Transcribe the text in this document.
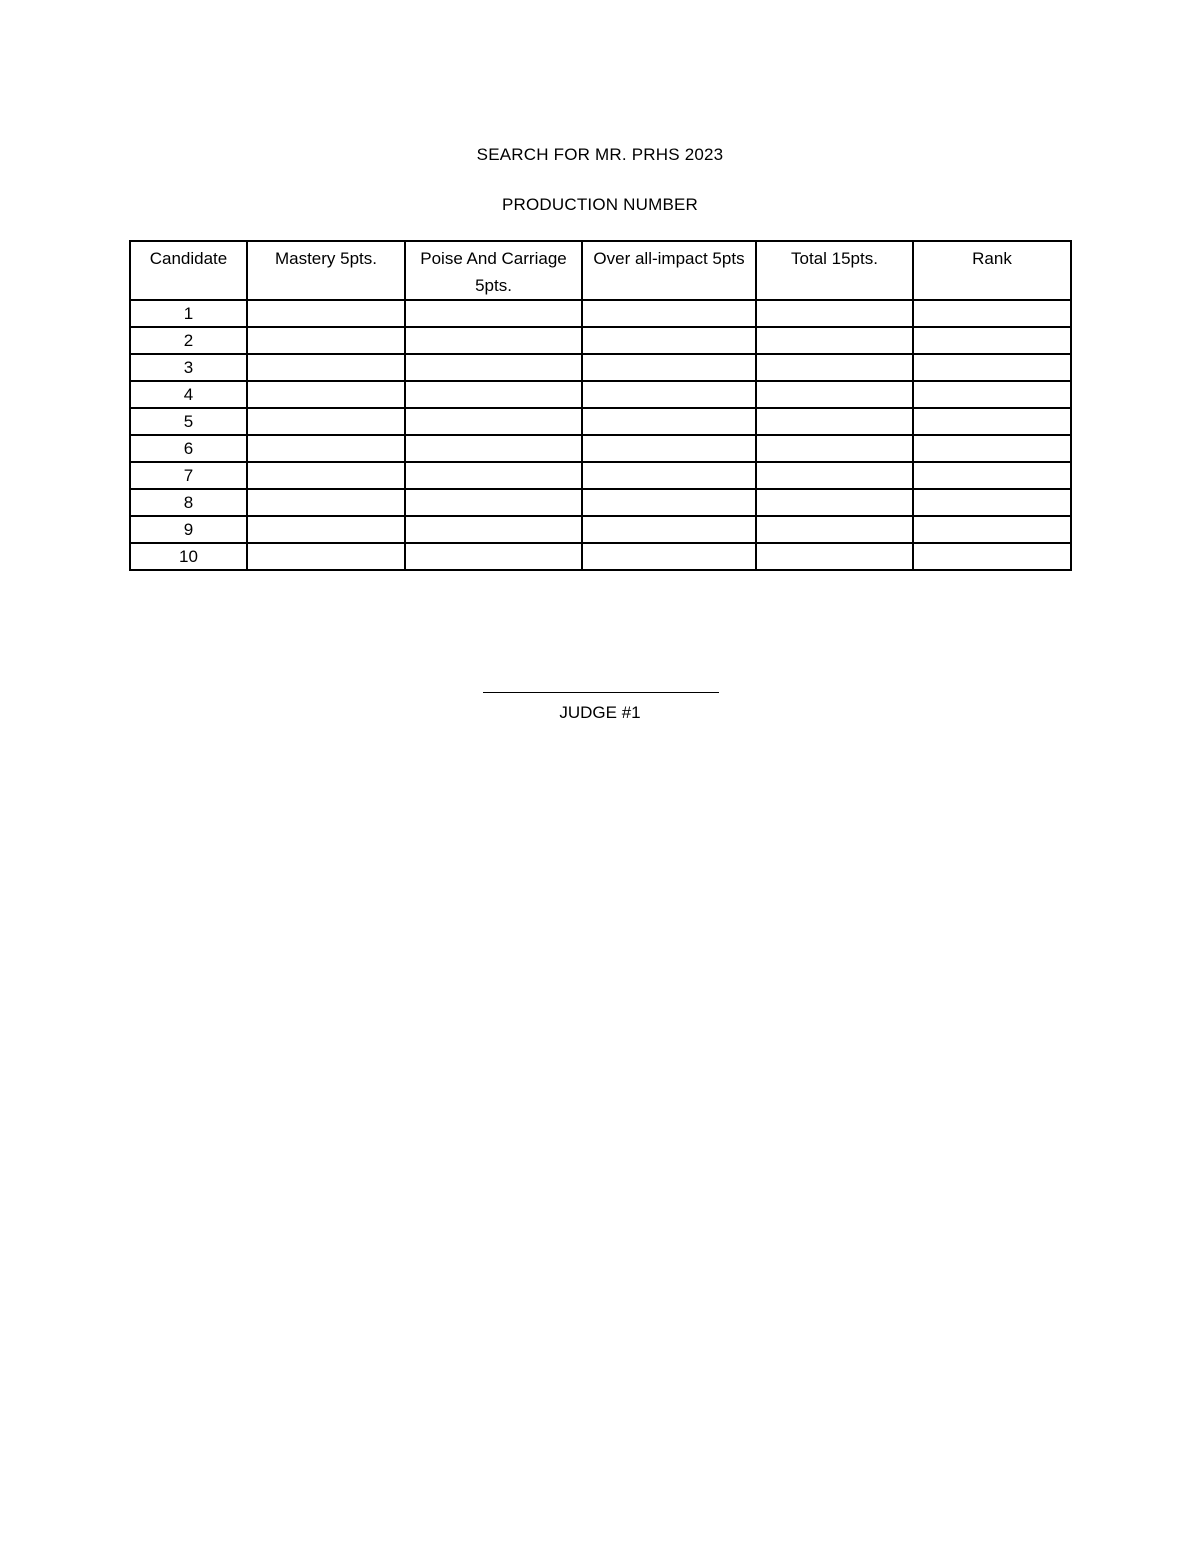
SEARCH FOR MR. PRHS 2023
PRODUCTION NUMBER
Candidate	Mastery 5pts.	Poise And Carriage 5pts.	Over all-impact 5pts	Total 15pts.	Rank
1					
2					
3					
4					
5					
6					
7					
8					
9					
10					
JUDGE #1
